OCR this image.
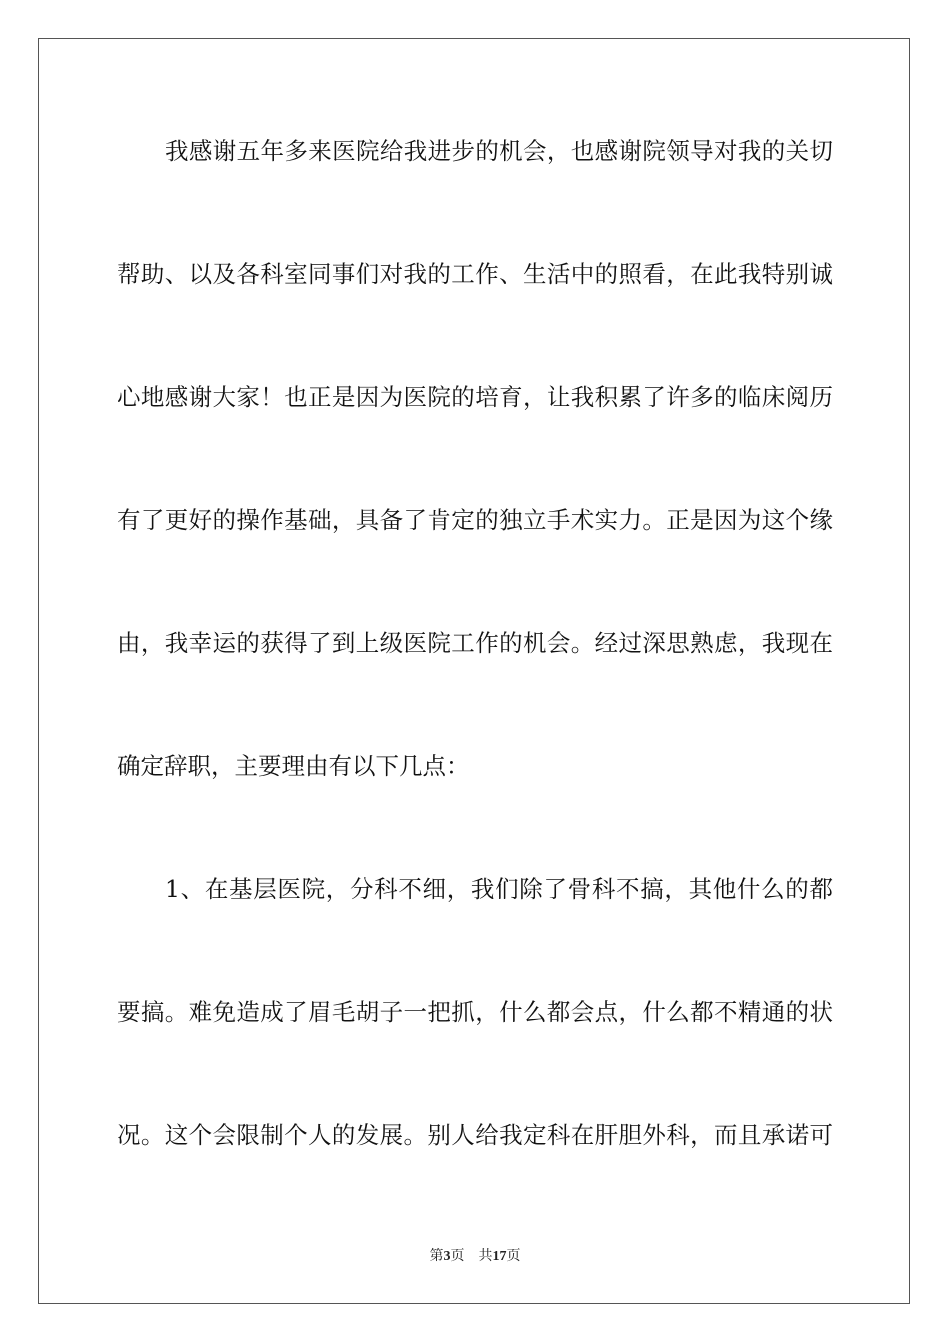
我感谢五年多来医院给我进步的机会，也感谢院领导对我的关切
帮助、以及各科室同事们对我的工作、生活中的照看，在此我特别诚
心地感谢大家！也正是因为医院的培育，让我积累了许多的临床阅历
有了更好的操作基础，具备了肯定的独立手术实力。正是因为这个缘
由，我幸运的获得了到上级医院工作的机会。经过深思熟虑，我现在
确定辞职，主要理由有以下几点：
1、在基层医院，分科不细，我们除了骨科不搞，其他什么的都
要搞。难免造成了眉毛胡子一把抓，什么都会点，什么都不精通的状
况。这个会限制个人的发展。别人给我定科在肝胆外科，而且承诺可
第3页 共17页
